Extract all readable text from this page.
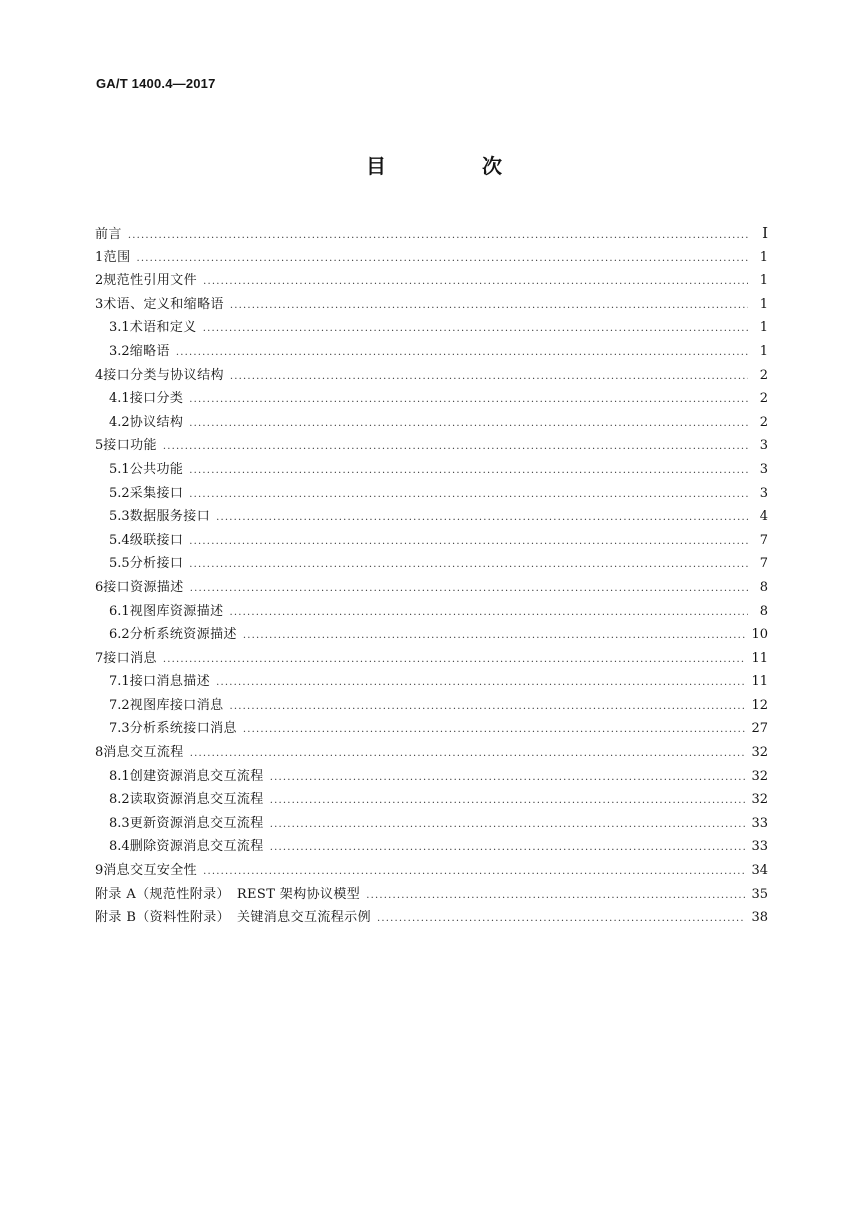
GA/T 1400.4—2017
目　次
前言 .....	Ⅰ
1 范围 .....	1
2 规范性引用文件 .....	1
3 术语、定义和缩略语 .....	1
3.1 术语和定义 .....	1
3.2 缩略语 .....	1
4 接口分类与协议结构 .....	2
4.1 接口分类 .....	2
4.2 协议结构 .....	2
5 接口功能 .....	3
5.1 公共功能 .....	3
5.2 采集接口 .....	3
5.3 数据服务接口 .....	4
5.4 级联接口 .....	7
5.5 分析接口 .....	7
6 接口资源描述 .....	8
6.1 视图库资源描述 .....	8
6.2 分析系统资源描述 .....	10
7 接口消息 .....	11
7.1 接口消息描述 .....	11
7.2 视图库接口消息 .....	12
7.3 分析系统接口消息 .....	27
8 消息交互流程 .....	32
8.1 创建资源消息交互流程 .....	32
8.2 读取资源消息交互流程 .....	32
8.3 更新资源消息交互流程 .....	33
8.4 删除资源消息交互流程 .....	33
9 消息交互安全性 .....	34
附录 A（规范性附录）　REST 架构协议模型 .....	35
附录 B（资料性附录）　关键消息交互流程示例 .....	38
